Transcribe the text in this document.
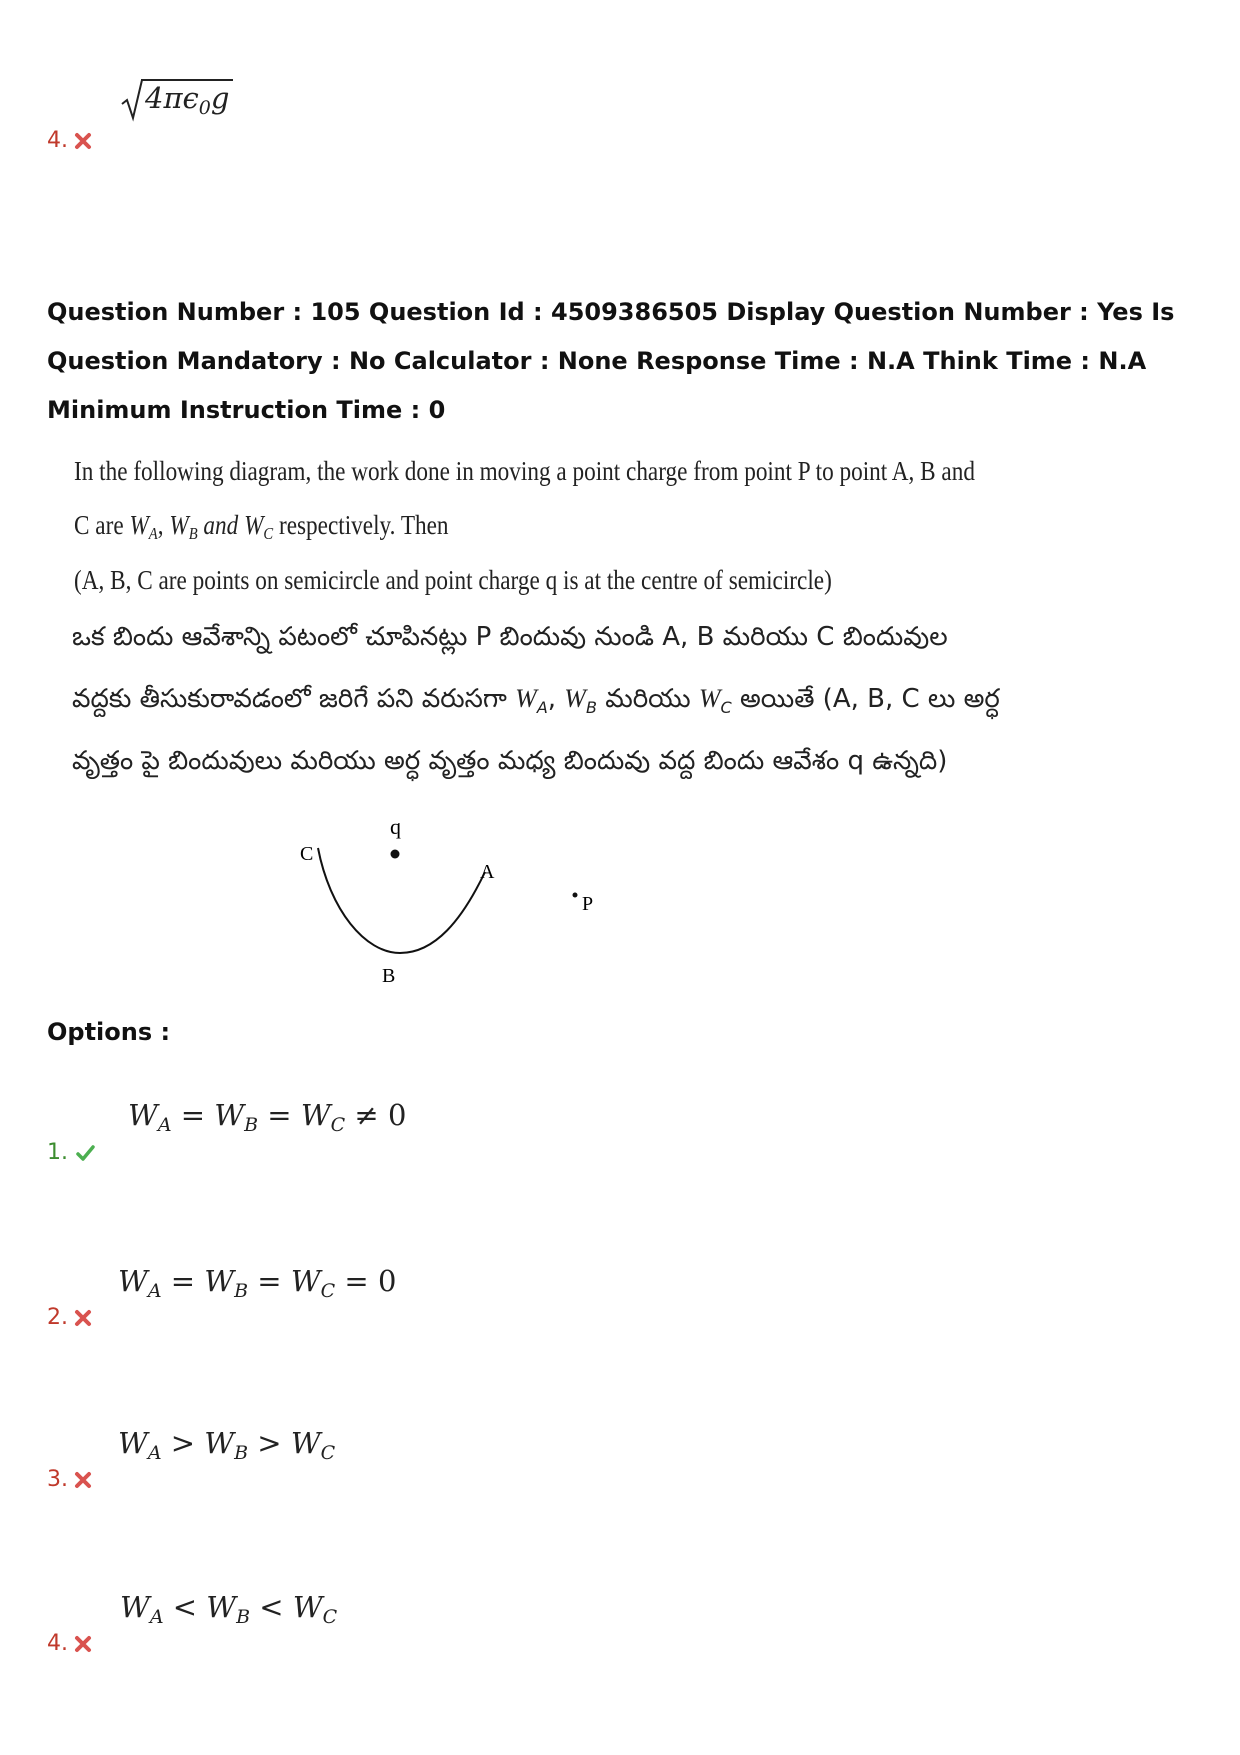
$4\pi\epsilon_0g$
4.
Question Number : 105 Question Id : 4509386505 Display Question Number : Yes Is Question Mandatory : No Calculator : None Response Time : N.A Think Time : N.A Minimum Instruction Time : 0
In the following diagram, the work done in moving a point charge from point P to point A, B and
C are $W_A$, $W_B$ and $W_C$ respectively. Then
(A, B, C are points on semicircle and point charge q is at the centre of semicircle)
ఒక బిందు ఆవేశాన్ని పటంలో చూపినట్లు P బిందువు నుండి A, B మరియు C బిందువుల
వద్దకు తీసుకురావడంలో జరిగే పని వరుసగా $W_A$, $W_B$ మరియు $W_C$ అయితే (A, B, C లు అర్ధ
వృత్తం పై బిందువులు మరియు అర్ధ వృత్తం మధ్య బిందువు వద్ద బిందు ఆవేశం q ఉన్నది)
q
C
A
B
P
Options :
$W_A = W_B = W_C \ne 0$
1.
$W_A = W_B = W_C = 0$
2.
$W_A > W_B > W_C$
3.
$W_A < W_B < W_C$
4.
